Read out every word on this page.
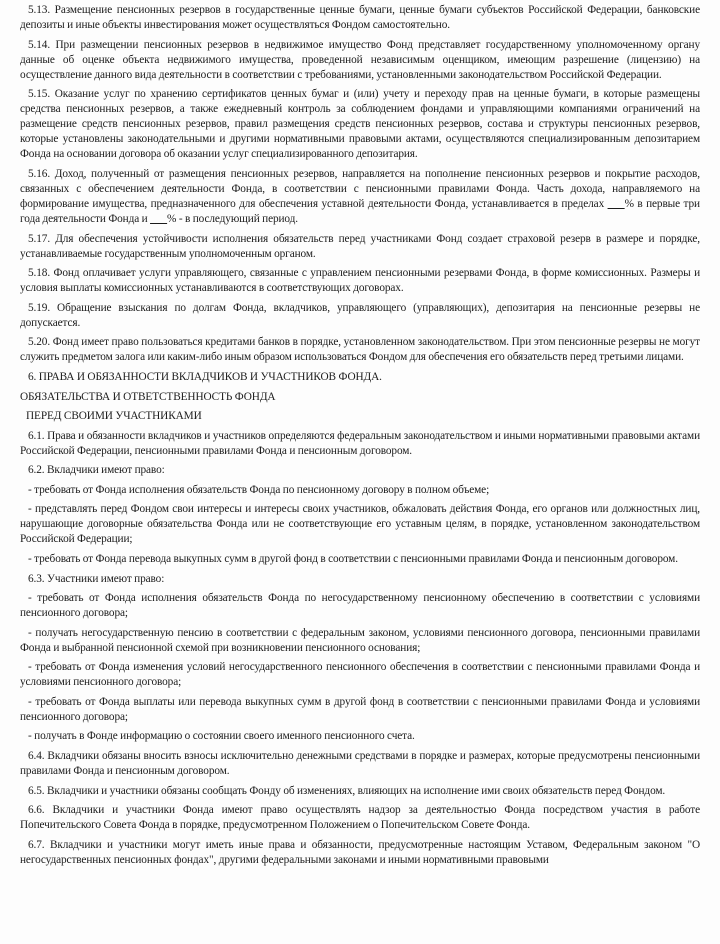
5.13. Размещение пенсионных резервов в государственные ценные бумаги, ценные бумаги субъектов Российской Федерации, банковские депозиты и иные объекты инвестирования может осуществляться Фондом самостоятельно.

5.14. При размещении пенсионных резервов в недвижимое имущество Фонд представляет государственному уполномоченному органу данные об оценке объекта недвижимого имущества, проведенной независимым оценщиком, имеющим разрешение (лицензию) на осуществление данного вида деятельности в соответствии с требованиями, установленными законодательством Российской Федерации.

5.15. Оказание услуг по хранению сертификатов ценных бумаг и (или) учету и переходу прав на ценные бумаги, в которые размещены средства пенсионных резервов, а также ежедневный контроль за соблюдением фондами и управляющими компаниями ограничений на размещение средств пенсионных резервов, правил размещения средств пенсионных резервов, состава и структуры пенсионных резервов, которые установлены законодательными и другими нормативными правовыми актами, осуществляются специализированным депозитарием Фонда на основании договора об оказании услуг специализированного депозитария.

5.16. Доход, полученный от размещения пенсионных резервов, направляется на пополнение пенсионных резервов и покрытие расходов, связанных с обеспечением деятельности Фонда, в соответствии с пенсионными правилами Фонда. Часть дохода, направляемого на формирование имущества, предназначенного для обеспечения уставной деятельности Фонда, устанавливается в пределах ___% в первые три года деятельности Фонда и ___% - в последующий период.

5.17. Для обеспечения устойчивости исполнения обязательств перед участниками Фонд создает страховой резерв в размере и порядке, устанавливаемые государственным уполномоченным органом.

5.18. Фонд оплачивает услуги управляющего, связанные с управлением пенсионными резервами Фонда, в форме комиссионных. Размеры и условия выплаты комиссионных устанавливаются в соответствующих договорах.

5.19. Обращение взыскания по долгам Фонда, вкладчиков, управляющего (управляющих), депозитария на пенсионные резервы не допускается.

5.20. Фонд имеет право пользоваться кредитами банков в порядке, установленном законодательством. При этом пенсионные резервы не могут служить предметом залога или каким-либо иным образом использоваться Фондом для обеспечения его обязательств перед третьими лицами.

6. ПРАВА И ОБЯЗАННОСТИ ВКЛАДЧИКОВ И УЧАСТНИКОВ ФОНДА.

ОБЯЗАТЕЛЬСТВА И ОТВЕТСТВЕННОСТЬ ФОНДА

ПЕРЕД СВОИМИ УЧАСТНИКАМИ

6.1. Права и обязанности вкладчиков и участников определяются федеральным законодательством и иными нормативными правовыми актами Российской Федерации, пенсионными правилами Фонда и пенсионным договором.

6.2. Вкладчики имеют право:

- требовать от Фонда исполнения обязательств Фонда по пенсионному договору в полном объеме;

- представлять перед Фондом свои интересы и интересы своих участников, обжаловать действия Фонда, его органов или должностных лиц, нарушающие договорные обязательства Фонда или не соответствующие его уставным целям, в порядке, установленном законодательством Российской Федерации;

- требовать от Фонда перевода выкупных сумм в другой фонд в соответствии с пенсионными правилами Фонда и пенсионным договором.

6.3. Участники имеют право:

- требовать от Фонда исполнения обязательств Фонда по негосударственному пенсионному обеспечению в соответствии с условиями пенсионного договора;

- получать негосударственную пенсию в соответствии с федеральным законом, условиями пенсионного договора, пенсионными правилами Фонда и выбранной пенсионной схемой при возникновении пенсионного основания;

- требовать от Фонда изменения условий негосударственного пенсионного обеспечения в соответствии с пенсионными правилами Фонда и условиями пенсионного договора;

- требовать от Фонда выплаты или перевода выкупных сумм в другой фонд в соответствии с пенсионными правилами Фонда и условиями пенсионного договора;

- получать в Фонде информацию о состоянии своего именного пенсионного счета.

6.4. Вкладчики обязаны вносить взносы исключительно денежными средствами в порядке и размерах, которые предусмотрены пенсионными правилами Фонда и пенсионным договором.

6.5. Вкладчики и участники обязаны сообщать Фонду об изменениях, влияющих на исполнение ими своих обязательств перед Фондом.

6.6. Вкладчики и участники Фонда имеют право осуществлять надзор за деятельностью Фонда посредством участия в работе Попечительского Совета Фонда в порядке, предусмотренном Положением о Попечительском Совете Фонда.

6.7. Вкладчики и участники могут иметь иные права и обязанности, предусмотренные настоящим Уставом, Федеральным законом "О негосударственных пенсионных фондах", другими федеральными законами и иными нормативными правовыми
